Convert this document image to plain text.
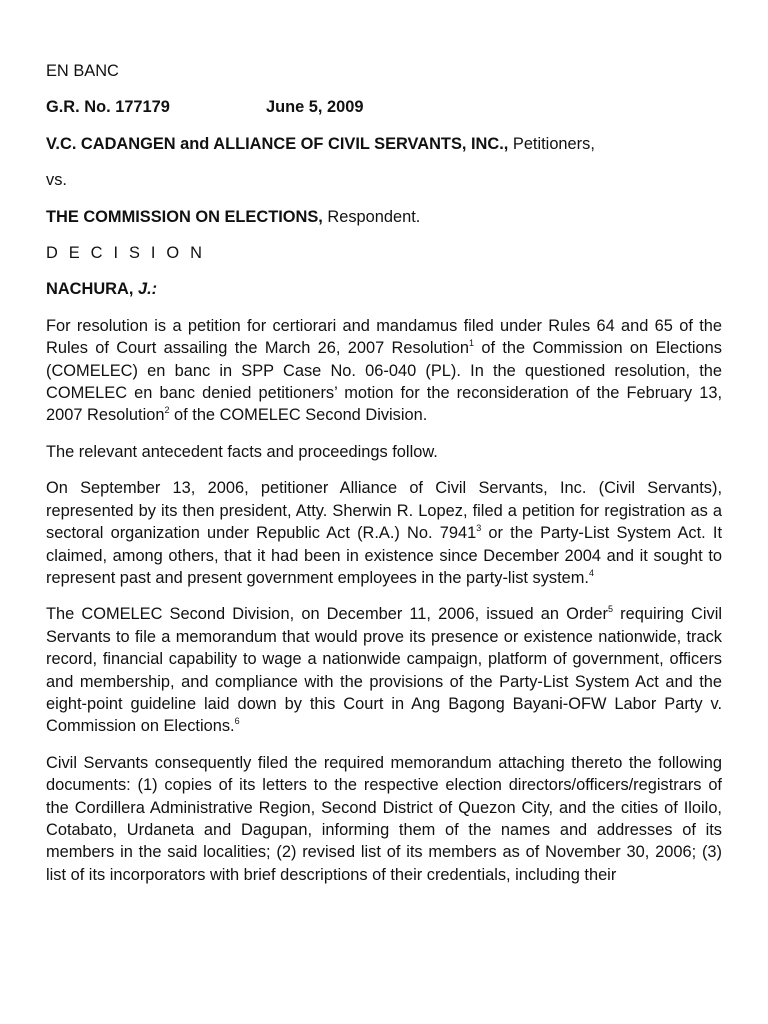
EN BANC

G.R. No. 177179	June 5, 2009

V.C. CADANGEN and ALLIANCE OF CIVIL SERVANTS, INC., Petitioners,

vs.

THE COMMISSION ON ELECTIONS, Respondent.

D E C I S I O N

NACHURA, J.:

For resolution is a petition for certiorari and mandamus filed under Rules 64 and 65 of the Rules of Court assailing the March 26, 2007 Resolution$^1$ of the Commission on Elections (COMELEC) en banc in SPP Case No. 06-040 (PL). In the questioned resolution, the COMELEC en banc denied petitioners’ motion for the reconsideration of the February 13, 2007 Resolution$^2$ of the COMELEC Second Division.

The relevant antecedent facts and proceedings follow.

On September 13, 2006, petitioner Alliance of Civil Servants, Inc. (Civil Servants), represented by its then president, Atty. Sherwin R. Lopez, filed a petition for registration as a sectoral organization under Republic Act (R.A.) No. 7941$^3$ or the Party-List System Act. It claimed, among others, that it had been in existence since December 2004 and it sought to represent past and present government employees in the party-list system.$^4$

The COMELEC Second Division, on December 11, 2006, issued an Order$^5$ requiring Civil Servants to file a memorandum that would prove its presence or existence nationwide, track record, financial capability to wage a nationwide campaign, platform of government, officers and membership, and compliance with the provisions of the Party-List System Act and the eight-point guideline laid down by this Court in Ang Bagong Bayani-OFW Labor Party v. Commission on Elections.$^6$

Civil Servants consequently filed the required memorandum attaching thereto the following documents: (1) copies of its letters to the respective election directors/officers/registrars of the Cordillera Administrative Region, Second District of Quezon City, and the cities of Iloilo, Cotabato, Urdaneta and Dagupan, informing them of the names and addresses of its members in the said localities; (2) revised list of its members as of November 30, 2006; (3) list of its incorporators with brief descriptions of their credentials, including their
